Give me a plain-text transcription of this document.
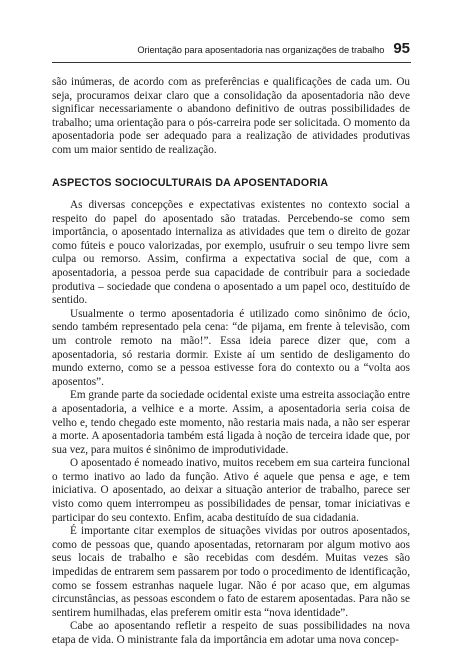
Orientação para aposentadoria nas organizações de trabalho 95

são inúmeras, de acordo com as preferências e qualificações de cada um. Ou seja, procuramos deixar claro que a consolidação da aposentadoria não deve significar necessariamente o abandono definitivo de outras possibilidades de trabalho; uma orientação para o pós-carreira pode ser solicitada. O momento da aposentadoria pode ser adequado para a realização de atividades produtivas com um maior sentido de realização.

ASPECTOS SOCIOCULTURAIS DA APOSENTADORIA

As diversas concepções e expectativas existentes no contexto social a respeito do papel do aposentado são tratadas. Percebendo-se como sem importância, o aposentado internaliza as atividades que tem o direito de gozar como fúteis e pouco valorizadas, por exemplo, usufruir o seu tempo livre sem culpa ou remorso. Assim, confirma a expectativa social de que, com a aposentadoria, a pessoa perde sua capacidade de contribuir para a sociedade produtiva – sociedade que condena o aposentado a um papel oco, destituído de sentido.

Usualmente o termo aposentadoria é utilizado como sinônimo de ócio, sendo também representado pela cena: “de pijama, em frente à televisão, com um controle remoto na mão!”. Essa ideia parece dizer que, com a aposentadoria, só restaria dormir. Existe aí um sentido de desligamento do mundo externo, como se a pessoa estivesse fora do contexto ou a “volta aos aposentos”.

Em grande parte da sociedade ocidental existe uma estreita associação entre a aposentadoria, a velhice e a morte. Assim, a aposentadoria seria coisa de velho e, tendo chegado este momento, não restaria mais nada, a não ser esperar a morte. A aposentadoria também está ligada à noção de terceira idade que, por sua vez, para muitos é sinônimo de improdutividade.

O aposentado é nomeado inativo, muitos recebem em sua carteira funcional o termo inativo ao lado da função. Ativo é aquele que pensa e age, e tem iniciativa. O aposentado, ao deixar a situação anterior de trabalho, parece ser visto como quem interrompeu as possibilidades de pensar, tomar iniciativas e participar do seu contexto. Enfim, acaba destituído de sua cidadania.

É importante citar exemplos de situações vividas por outros aposentados, como de pessoas que, quando aposentadas, retornaram por algum motivo aos seus locais de trabalho e são recebidas com desdém. Muitas vezes são impedidas de entrarem sem passarem por todo o procedimento de identificação, como se fossem estranhas naquele lugar. Não é por acaso que, em algumas circunstâncias, as pessoas escondem o fato de estarem aposentadas. Para não se sentirem humilhadas, elas preferem omitir esta “nova identidade”.

Cabe ao aposentando refletir a respeito de suas possibilidades na nova etapa de vida. O ministrante fala da importância em adotar uma nova concep-
